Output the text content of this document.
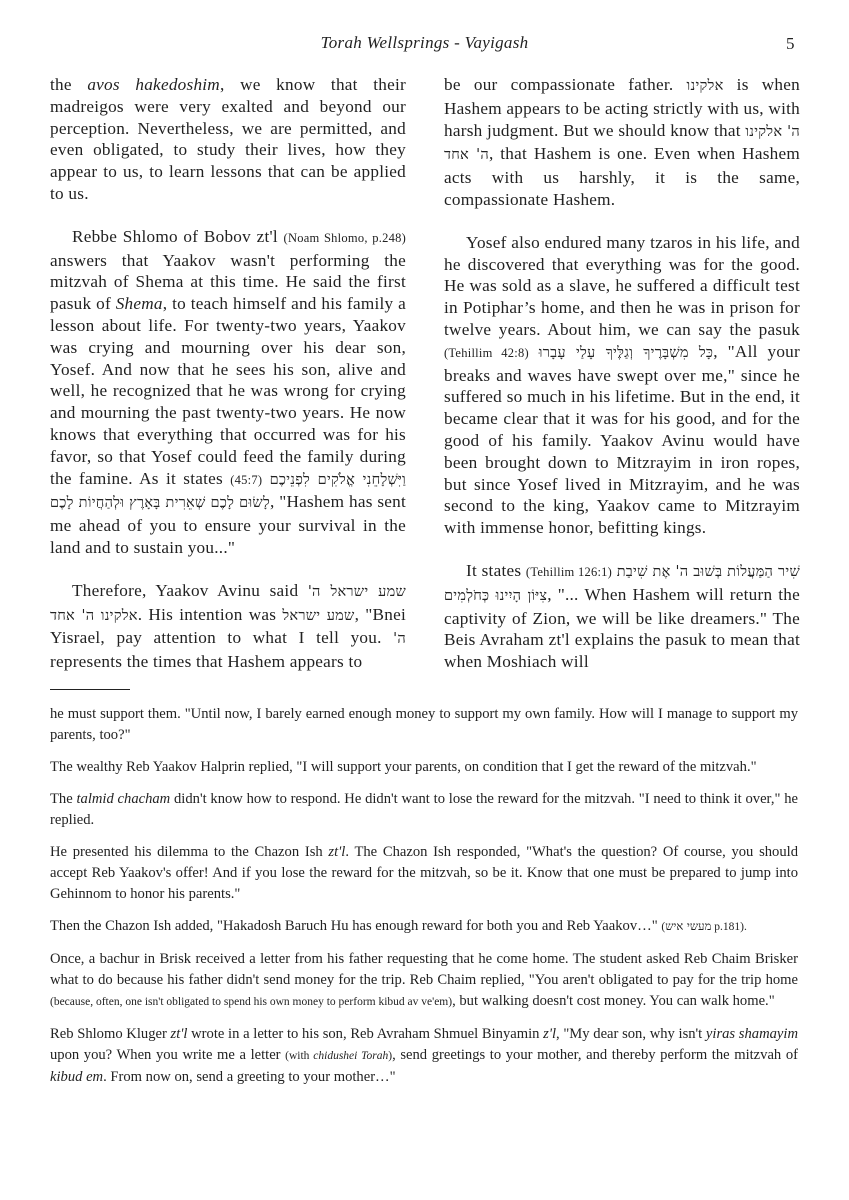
Torah Wellsprings - Vayigash	5

the avos hakedoshim, we know that their madreigos were very exalted and beyond our perception. Nevertheless, we are permitted, and even obligated, to study their lives, how they appear to us, to learn lessons that can be applied to us.

Rebbe Shlomo of Bobov zt'l (Noam Shlomo, p.248) answers that Yaakov wasn't performing the mitzvah of Shema at this time. He said the first pasuk of Shema, to teach himself and his family a lesson about life. For twenty-two years, Yaakov was crying and mourning over his dear son, Yosef. And now that he sees his son, alive and well, he recognized that he was wrong for crying and mourning the past twenty-two years. He now knows that everything that occurred was for his favor, so that Yosef could feed the family during the famine. As it states (45:7) וַיִּשְׁלָחֵנִי אֱלֹקִים לִפְנֵיכֶם לָשׂוּם לָכֶם שְׁאֵרִית בָּאָרֶץ וּלְהַחֲיוֹת לָכֶם, "Hashem has sent me ahead of you to ensure your survival in the land and to sustain you..."

Therefore, Yaakov Avinu said שמע ישראל ה' אלקינו ה' אחד. His intention was שמע ישראל, "Bnei Yisrael, pay attention to what I tell you. ה' represents the times that Hashem appears to

be our compassionate father. אלקינו is when Hashem appears to be acting strictly with us, with harsh judgment. But we should know that ה' אלקינו ה' אחד, that Hashem is one. Even when Hashem acts with us harshly, it is the same, compassionate Hashem.

Yosef also endured many tzaros in his life, and he discovered that everything was for the good. He was sold as a slave, he suffered a difficult test in Potiphar’s home, and then he was in prison for twelve years. About him, we can say the pasuk (Tehillim 42:8) כָּל מִשְׁבָּרֶיךָ וְגַלֶּיךָ עָלַי עָבָרוּ, "All your breaks and waves have swept over me," since he suffered so much in his lifetime. But in the end, it became clear that it was for his good, and for the good of his family. Yaakov Avinu would have been brought down to Mitzrayim in iron ropes, but since Yosef lived in Mitzrayim, and he was second to the king, Yaakov came to Mitzrayim with immense honor, befitting kings.

It states (Tehillim 126:1) שִׁיר הַמַּעֲלוֹת בְּשׁוּב ה' אֶת שִׁיבַת צִיּוֹן הָיִינוּ כְּחֹלְמִים, "... When Hashem will return the captivity of Zion, we will be like dreamers." The Beis Avraham zt'l explains the pasuk to mean that when Moshiach will

he must support them. "Until now, I barely earned enough money to support my own family. How will I manage to support my parents, too?"

The wealthy Reb Yaakov Halprin replied, "I will support your parents, on condition that I get the reward of the mitzvah."

The talmid chacham didn't know how to respond. He didn't want to lose the reward for the mitzvah. "I need to think it over," he replied.

He presented his dilemma to the Chazon Ish zt'l. The Chazon Ish responded, "What's the question? Of course, you should accept Reb Yaakov's offer! And if you lose the reward for the mitzvah, so be it. Know that one must be prepared to jump into Gehinnom to honor his parents."

Then the Chazon Ish added, "Hakadosh Baruch Hu has enough reward for both you and Reb Yaakov…" (מעשי איש p.181).

Once, a bachur in Brisk received a letter from his father requesting that he come home. The student asked Reb Chaim Brisker what to do because his father didn't send money for the trip. Reb Chaim replied, "You aren't obligated to pay for the trip home (because, often, one isn't obligated to spend his own money to perform kibud av ve'em), but walking doesn't cost money. You can walk home."

Reb Shlomo Kluger zt'l wrote in a letter to his son, Reb Avraham Shmuel Binyamin z'l, "My dear son, why isn't yiras shamayim upon you? When you write me a letter (with chidushei Torah), send greetings to your mother, and thereby perform the mitzvah of kibud em. From now on, send a greeting to your mother…"
